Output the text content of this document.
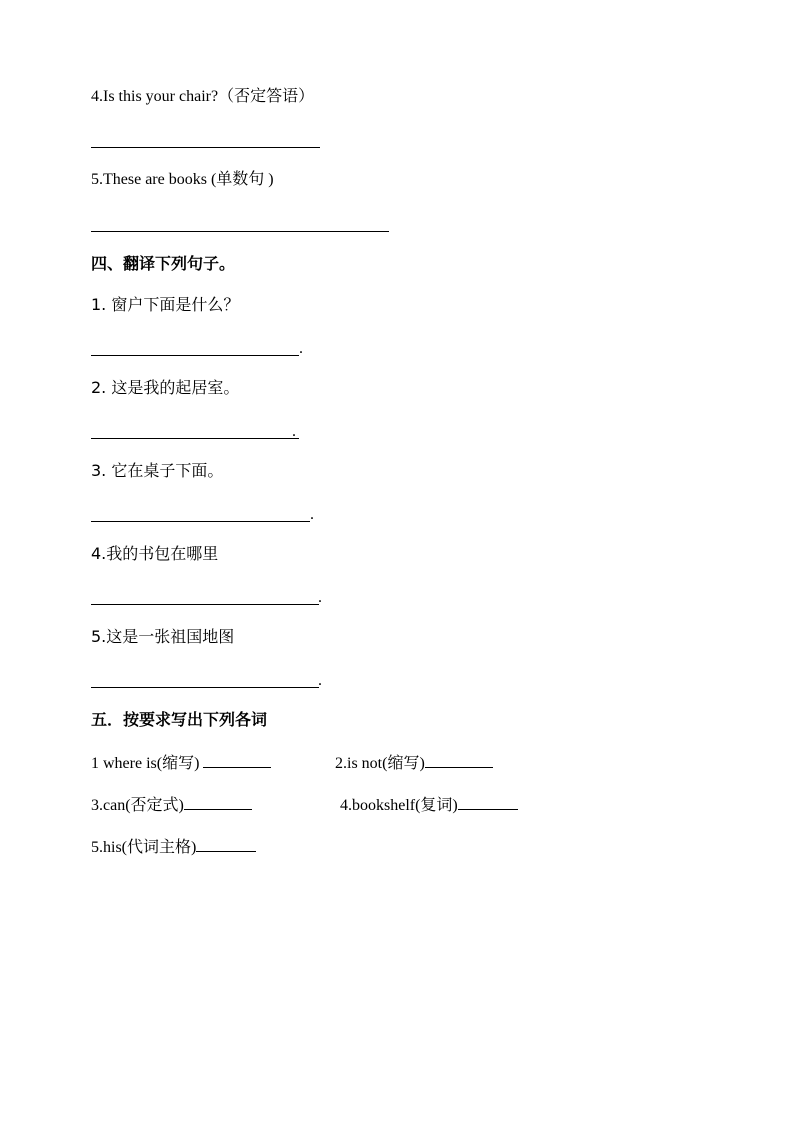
4.Is this your chair?（否定答语）
5.These are books (单数句 )
四、翻译下列句子。
1. 窗户下面是什么？
.
2. 这是我的起居室。
.
3. 它在桌子下面。
.
4.我的书包在哪里
.
5.这是一张祖国地图
.
五．按要求写出下列各词
1 where is(缩写)	2.is not(缩写)
3.can(否定式)	4.bookshelf(复词)
5.his(代词主格)
